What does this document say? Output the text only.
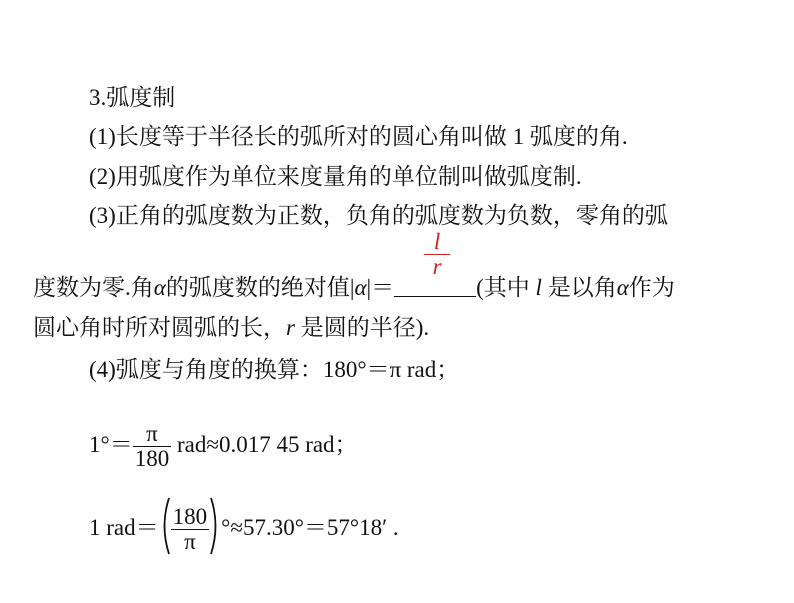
3.弧度制
(1)长度等于半径长的弧所对的圆心角叫做 1 弧度的角.
(2)用弧度作为单位来度量角的单位制叫做弧度制.
(3)正角的弧度数为正数，负角的弧度数为负数，零角的弧
度数为零.角α的弧度数的绝对值|α|＝
$\frac{l}{r}$
(其中 l 是以角α作为
圆心角时所对圆弧的长，r 是圆的半径).
(4)弧度与角度的换算：180°＝π rad；
$1^\circ= \frac{\pi}{180} rad\approx 0.017$ 45 rad；
1 $rad= \frac{180}{\pi} ^\circ\approx 57.30^\circ=57^\circ 18'$ .
